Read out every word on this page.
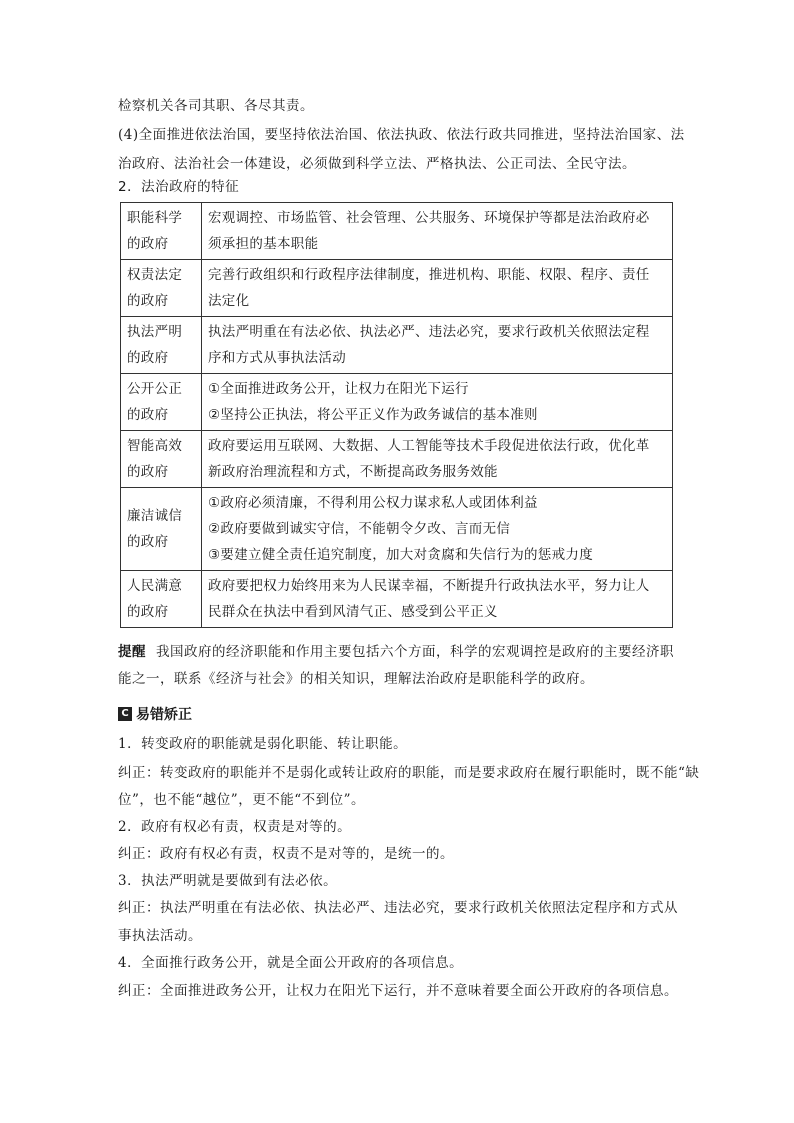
检察机关各司其职、各尽其责。
(4)全面推进依法治国，要坚持依法治国、依法执政、依法行政共同推进，坚持法治国家、法
治政府、法治社会一体建设，必须做到科学立法、严格执法、公正司法、全民守法。
2．法治政府的特征
职能科学
的政府	宏观调控、市场监管、社会管理、公共服务、环境保护等都是法治政府必
须承担的基本职能

权责法定
的政府	完善行政组织和行政程序法律制度，推进机构、职能、权限、程序、责任
法定化

执法严明
的政府	执法严明重在有法必依、执法必严、违法必究，要求行政机关依照法定程
序和方式从事执法活动

公开公正
的政府	①全面推进政务公开，让权力在阳光下运行
②坚持公正执法，将公平正义作为政务诚信的基本准则

智能高效
的政府	政府要运用互联网、大数据、人工智能等技术手段促进依法行政，优化革
新政府治理流程和方式，不断提高政务服务效能

廉洁诚信
的政府	①政府必须清廉，不得利用公权力谋求私人或团体利益
②政府要做到诚实守信，不能朝令夕改、言而无信
③要建立健全责任追究制度，加大对贪腐和失信行为的惩戒力度

人民满意
的政府	政府要把权力始终用来为人民谋幸福，不断提升行政执法水平，努力让人
民群众在执法中看到风清气正、感受到公平正义
提醒 我国政府的经济职能和作用主要包括六个方面，科学的宏观调控是政府的主要经济职
能之一，联系《经济与社会》的相关知识，理解法治政府是职能科学的政府。
C 易错矫正
1．转变政府的职能就是弱化职能、转让职能。
纠正：转变政府的职能并不是弱化或转让政府的职能，而是要求政府在履行职能时，既不能“缺
位”，也不能“越位”，更不能“不到位”。
2．政府有权必有责，权责是对等的。
纠正：政府有权必有责，权责不是对等的，是统一的。
3．执法严明就是要做到有法必依。
纠正：执法严明重在有法必依、执法必严、违法必究，要求行政机关依照法定程序和方式从
事执法活动。
4．全面推行政务公开，就是全面公开政府的各项信息。
纠正：全面推进政务公开，让权力在阳光下运行，并不意味着要全面公开政府的各项信息。
